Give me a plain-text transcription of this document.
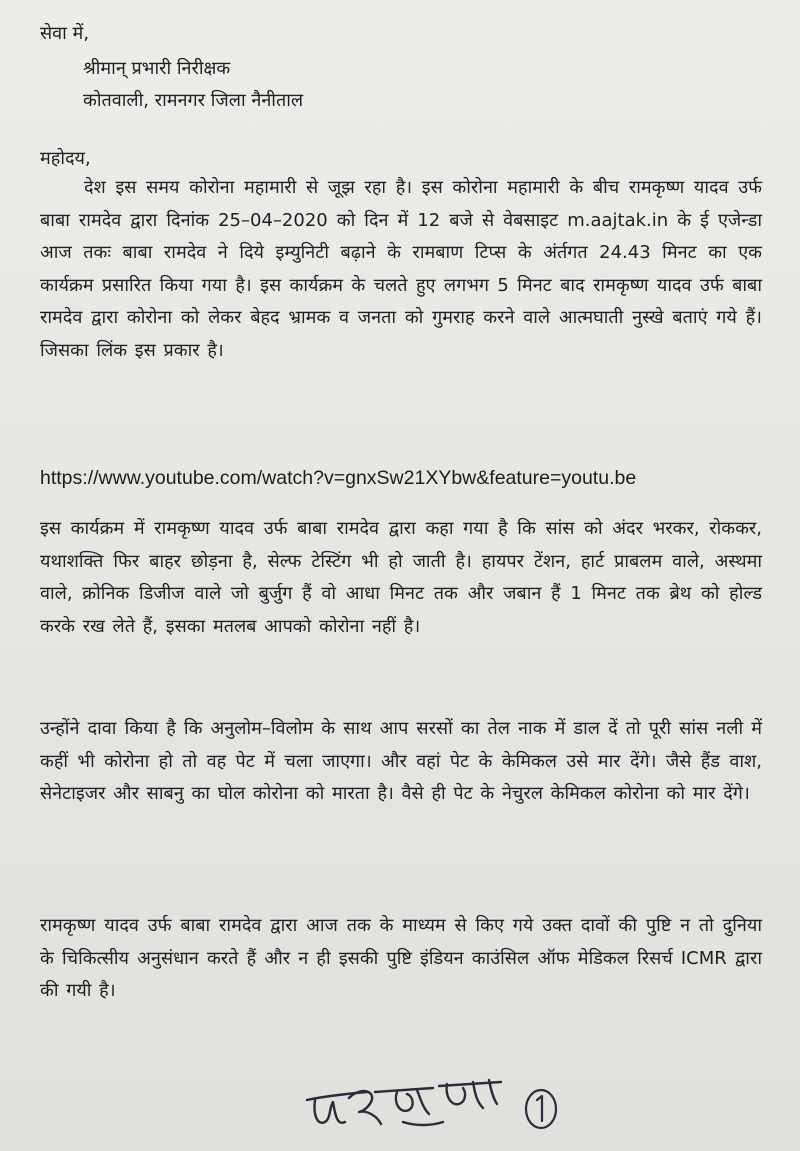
सेवा में,
श्रीमान् प्रभारी निरीक्षक
कोतवाली, रामनगर जिला नैनीताल
महोदय,
देश इस समय कोरोना महामारी से जूझ रहा है। इस कोरोना महामारी के बीच रामकृष्ण यादव उर्फ बाबा रामदेव द्वारा दिनांक 25–04–2020 को दिन में 12 बजे से वेबसाइट m.aajtak.in के ई एजेन्डा आज तकः बाबा रामदेव ने दिये इम्युनिटी बढ़ाने के रामबाण टिप्स के अंर्तगत 24.43 मिनट का एक कार्यक्रम प्रसारित किया गया है। इस कार्यक्रम के चलते हुए लगभग 5 मिनट बाद रामकृष्ण यादव उर्फ बाबा रामदेव द्वारा कोरोना को लेकर बेहद भ्रामक व जनता को गुमराह करने वाले आत्मघाती नुस्खे बताएं गये हैं। जिसका लिंक इस प्रकार है।
https://www.youtube.com/watch?v=gnxSw21XYbw&feature=youtu.be
इस कार्यक्रम में रामकृष्ण यादव उर्फ बाबा रामदेव द्वारा कहा गया है कि सांस को अंदर भरकर, रोककर, यथाशक्ति फिर बाहर छोड़ना है, सेल्फ टेस्टिंग भी हो जाती है। हायपर टेंशन, हार्ट प्राबलम वाले, अस्थमा वाले, क्रोनिक डिजीज वाले जो बुर्जुग हैं वो आधा मिनट तक और जबान हैं 1 मिनट तक ब्रेथ को होल्ड करके रख लेते हैं, इसका मतलब आपको कोरोना नहीं है।
उन्होंने दावा किया है कि अनुलोम–विलोम के साथ आप सरसों का तेल नाक में डाल दें तो पूरी सांस नली में कहीं भी कोरोना हो तो वह पेट में चला जाएगा। और वहां पेट के केमिकल उसे मार देंगे। जैसे हैंड वाश, सेनेटाइजर और साबनु का घोल कोरोना को मारता है। वैसे ही पेट के नेचुरल केमिकल कोरोना को मार देंगे।
रामकृष्ण यादव उर्फ बाबा रामदेव द्वारा आज तक के माध्यम से किए गये उक्त दावों की पुष्टि न तो दुनिया के चिकित्सीय अनुसंधान करते हैं और न ही इसकी पुष्टि इंडियन काउंसिल ऑफ मेडिकल रिसर्च ICMR द्वारा की गयी है।
